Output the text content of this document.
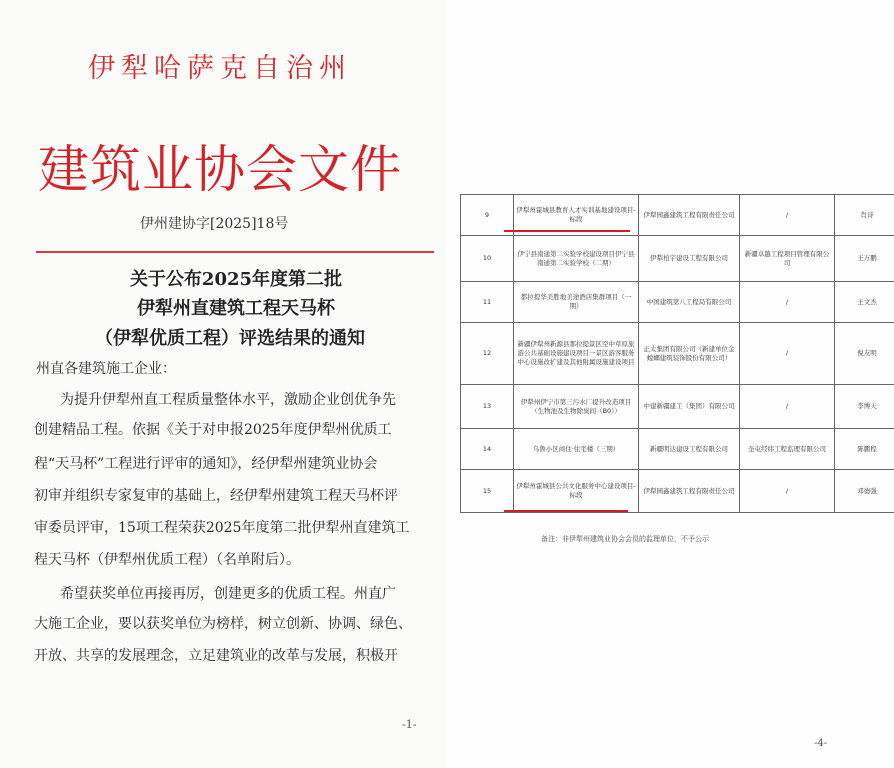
伊犁哈萨克自治州
建筑业协会文件
伊州建协字[2025]18号
关于公布2025年度第二批
伊犁州直建筑工程天马杯
（伊犁优质工程）评选结果的通知
州直各建筑施工企业：
为提升伊犁州直工程质量整体水平，激励企业创优争先
创建精品工程。依据《关于对申报2025年度伊犁州优质工
程“天马杯”工程进行评审的通知》，经伊犁州建筑业协会
初审并组织专家复审的基础上，经伊犁州建筑工程天马杯评
审委员评审，15项工程荣获2025年度第二批伊犁州直建筑工
程天马杯（伊犁州优质工程）（名单附后）。
希望获奖单位再接再厉，创建更多的优质工程。州直广
大施工企业，要以获奖单位为榜样，树立创新、协调、绿色、
开放、共享的发展理念，立足建筑业的改革与发展，积极开
-1-
9	伊犁州霍城县教育人才实训基地建设项目-标段	伊犁园鑫建筑工程有限责任公司	/	肖诗
10	伊宁县南通第二实验学校建设项目伊宁县南通第二实验学校（二期）	伊犁柏宇建设工程有限公司	新疆卓越工程项目管理有限公司	王万鹏
11	都拉提华美胜地美途酒店集群项目（一期）	中国建筑第八工程局有限公司	/	王文杰
12	新疆伊犁州新源县那拉提景区空中草原旅游公共基础设施建设项目一景区游客服务中心设施改扩建及其他附属设施建设项目	正太集团有限公司（新建单位金螳螂建筑装饰股份有限公司）	/	倪友明
13	伊犁州伊宁市第三污水厂提升改造项目（生物池及生物除臭间（B0））	中建新疆建工（集团）有限公司	/	李博天
14	乌鲁小区商住·住宅楼（三期）	新疆明达建设工程有限公司	奎屯经纬工程监理有限公司	陈鹏程
15	伊犁州霍城县公共文化服务中心建设项目-标段	伊犁园鑫建筑工程有限责任公司	/	邓德强
备注：非伊犁州建筑业协会会员的监理单位，不予公示
-4-
